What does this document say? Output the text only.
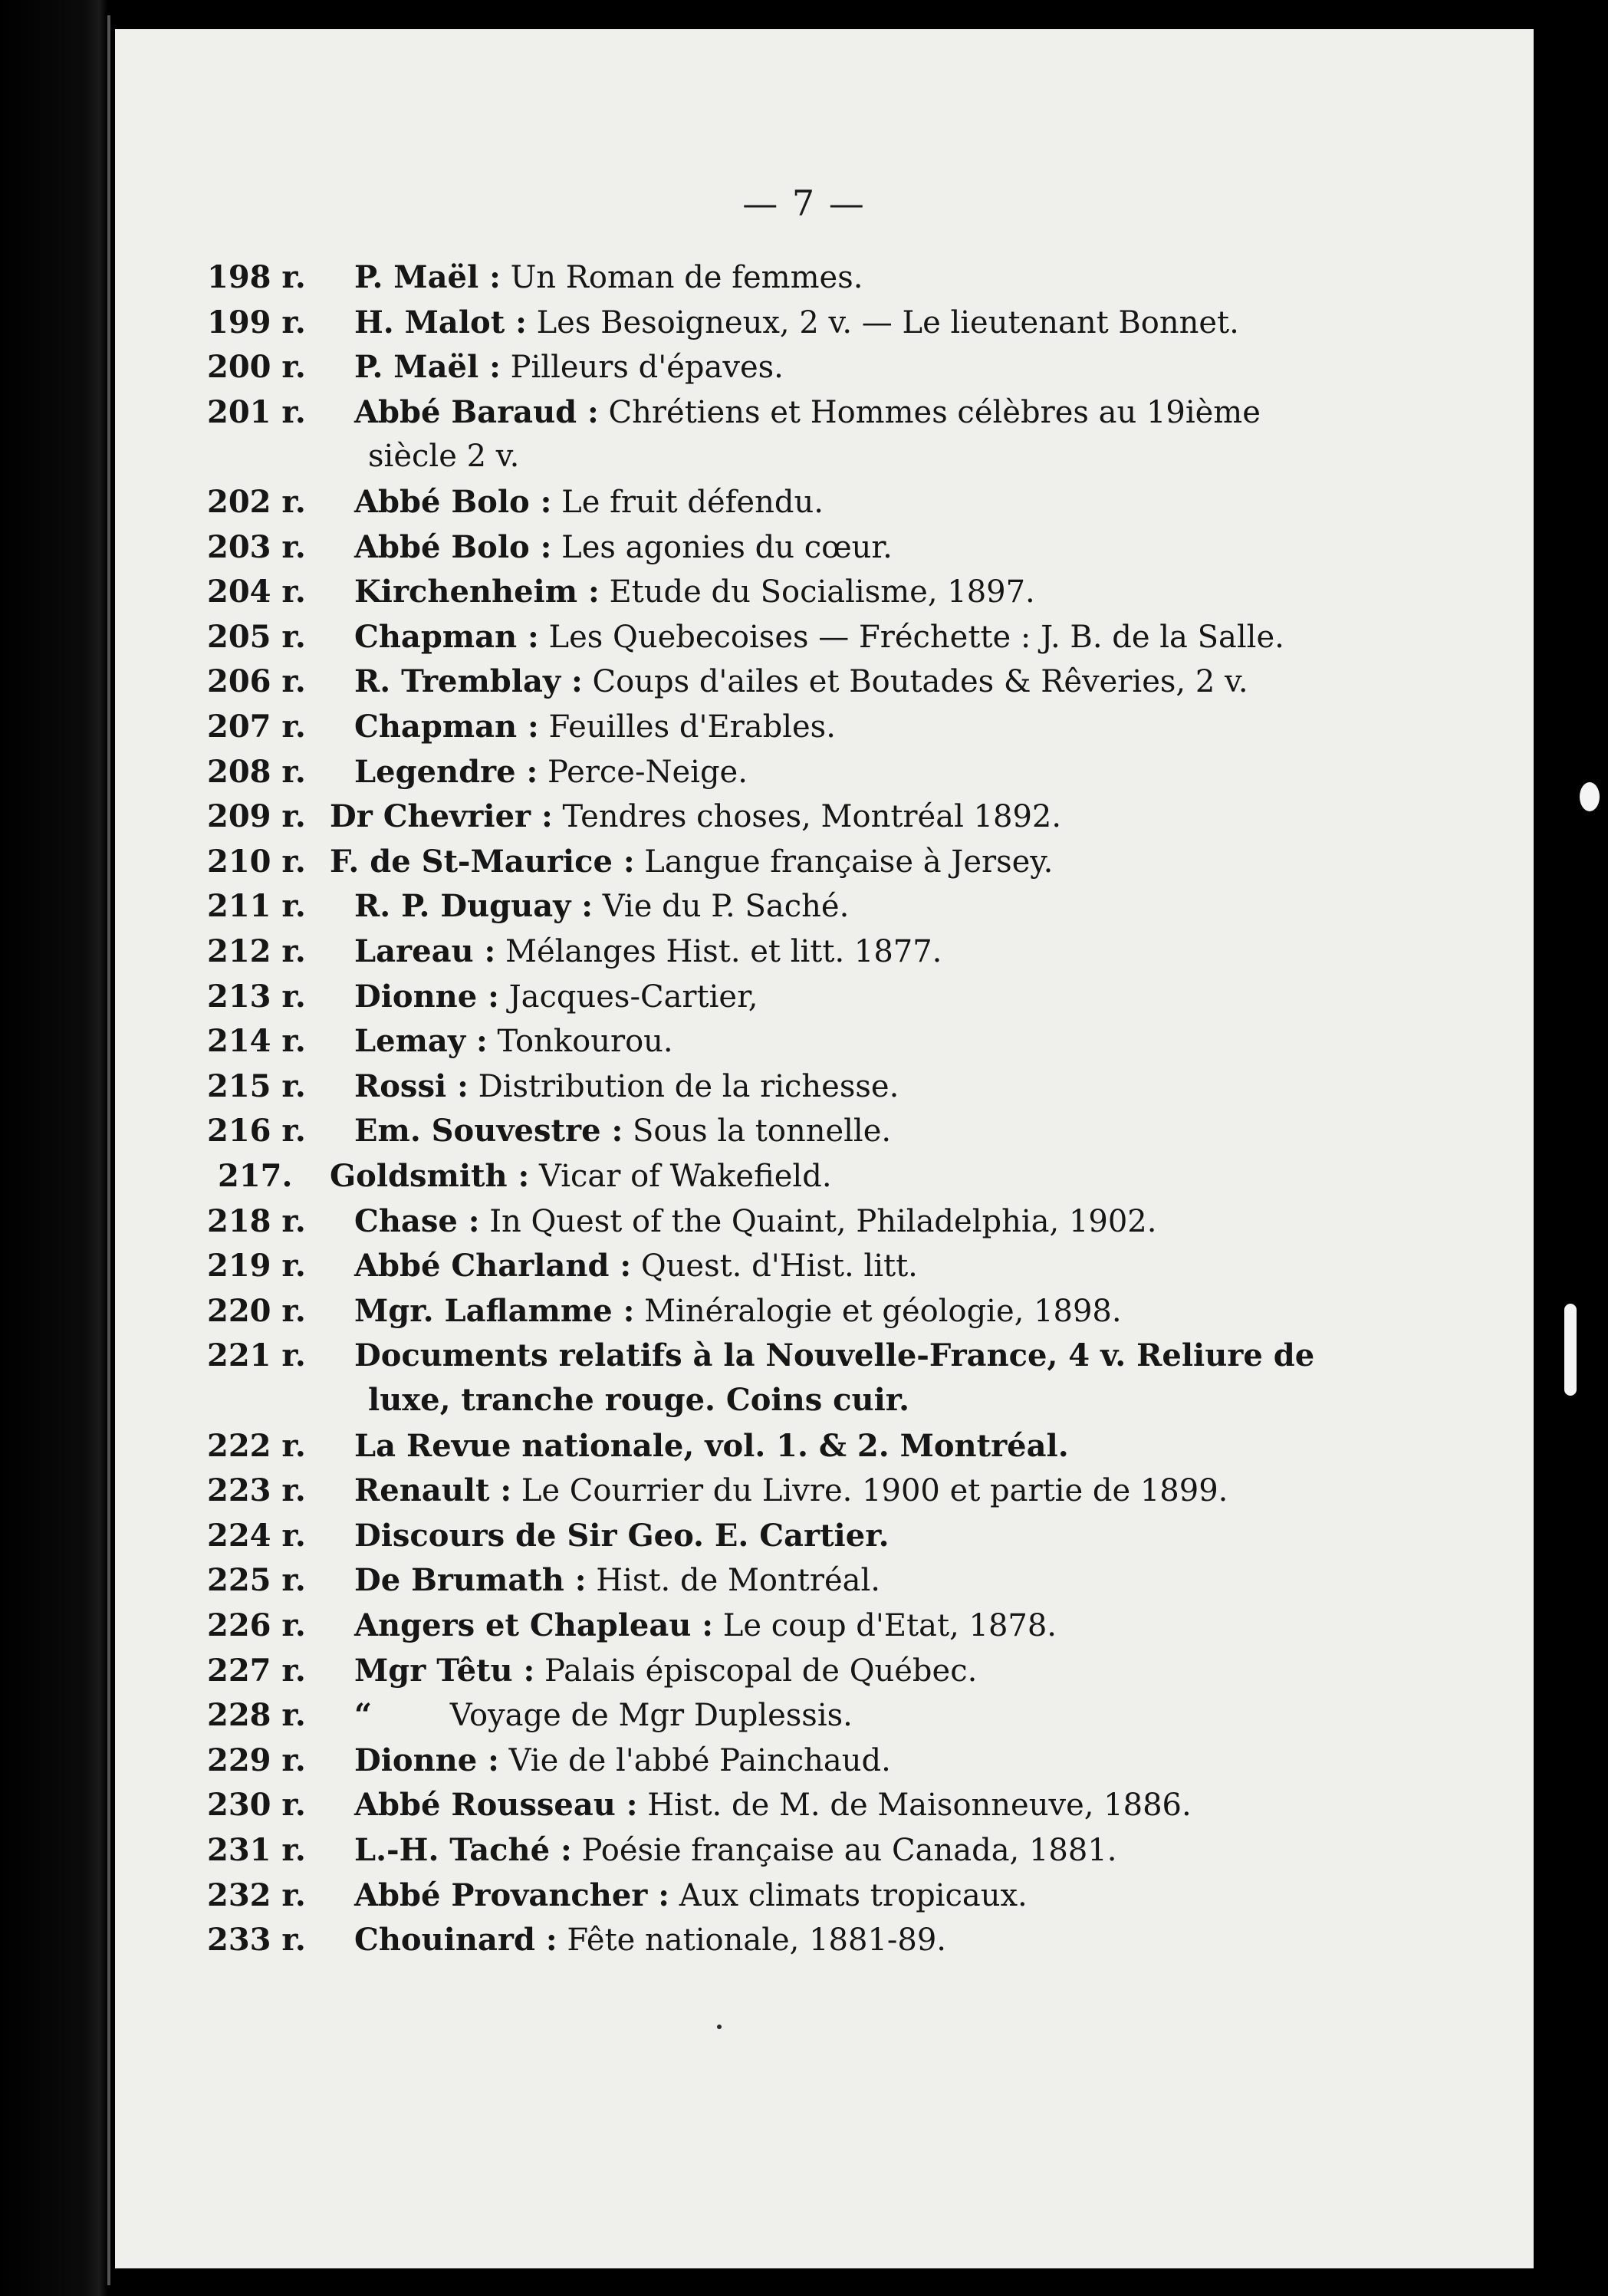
— 7 —
198 r. P. Maël : Un Roman de femmes.
199 r. H. Malot : Les Besoigneux, 2 v. — Le lieutenant Bonnet.
200 r. P. Maël : Pilleurs d'épaves.
201 r. Abbé Baraud : Chrétiens et Hommes célèbres au 19ième
siècle 2 v.
202 r. Abbé Bolo : Le fruit défendu.
203 r. Abbé Bolo : Les agonies du cœur.
204 r. Kirchenheim : Etude du Socialisme, 1897.
205 r. Chapman : Les Quebecoises — Fréchette : J. B. de la Salle.
206 r. R. Tremblay : Coups d'ailes et Boutades & Rêveries, 2 v.
207 r. Chapman : Feuilles d'Erables.
208 r. Legendre : Perce-Neige.
209 r. Dr Chevrier : Tendres choses, Montréal 1892.
210 r. F. de St-Maurice : Langue française à Jersey.
211 r. R. P. Duguay : Vie du P. Saché.
212 r. Lareau : Mélanges Hist. et litt. 1877.
213 r. Dionne : Jacques-Cartier,
214 r. Lemay : Tonkourou.
215 r. Rossi : Distribution de la richesse.
216 r. Em. Souvestre : Sous la tonnelle.
217. Goldsmith : Vicar of Wakefield.
218 r. Chase : In Quest of the Quaint, Philadelphia, 1902.
219 r. Abbé Charland : Quest. d'Hist. litt.
220 r. Mgr. Laflamme : Minéralogie et géologie, 1898.
221 r. Documents relatifs à la Nouvelle-France, 4 v. Reliure de
luxe, tranche rouge. Coins cuir.
222 r. La Revue nationale, vol. 1. & 2. Montréal.
223 r. Renault : Le Courrier du Livre. 1900 et partie de 1899.
224 r. Discours de Sir Geo. E. Cartier.
225 r. De Brumath : Hist. de Montréal.
226 r. Angers et Chapleau : Le coup d'Etat, 1878.
227 r. Mgr Têtu : Palais épiscopal de Québec.
228 r. “	Voyage de Mgr Duplessis.
229 r. Dionne : Vie de l'abbé Painchaud.
230 r. Abbé Rousseau : Hist. de M. de Maisonneuve, 1886.
231 r. L.-H. Taché : Poésie française au Canada, 1881.
232 r. Abbé Provancher : Aux climats tropicaux.
233 r. Chouinard : Fête nationale, 1881-89.
